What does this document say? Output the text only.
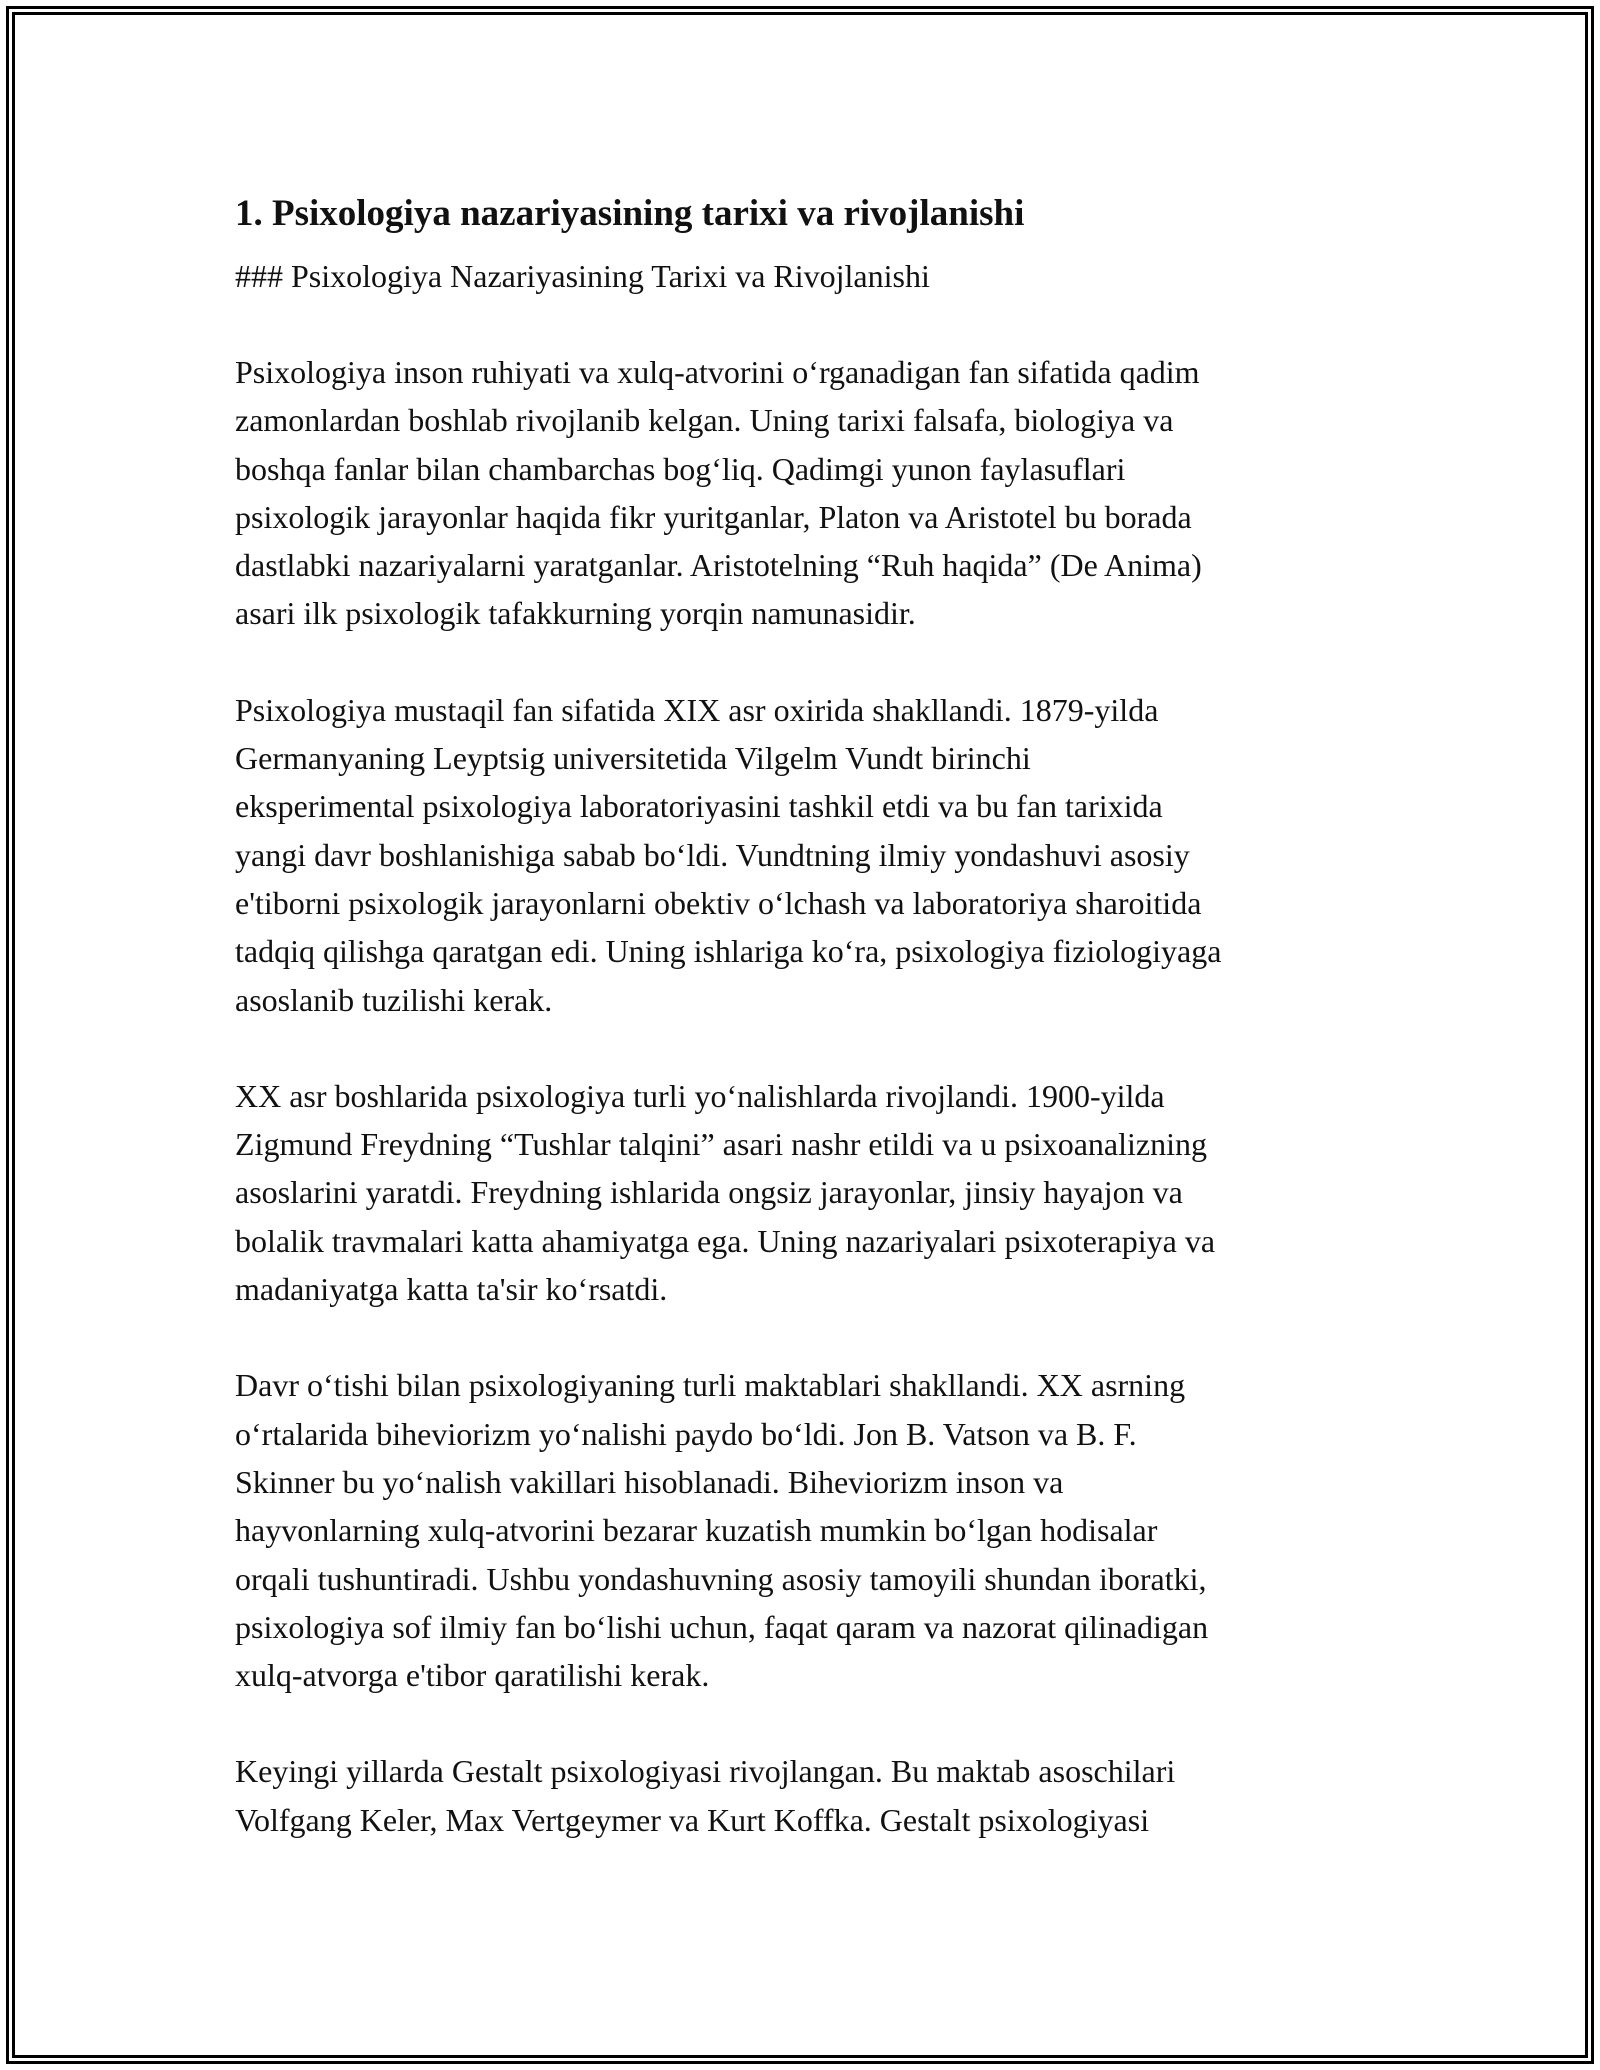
1. Psixologiya nazariyasining tarixi va rivojlanishi

### Psixologiya Nazariyasining Tarixi va Rivojlanishi

Psixologiya inson ruhiyati va xulq-atvorini o‘rganadigan fan sifatida qadim
zamonlardan boshlab rivojlanib kelgan. Uning tarixi falsafa, biologiya va
boshqa fanlar bilan chambarchas bog‘liq. Qadimgi yunon faylasuflari
psixologik jarayonlar haqida fikr yuritganlar, Platon va Aristotel bu borada
dastlabki nazariyalarni yaratganlar. Aristotelning “Ruh haqida” (De Anima)
asari ilk psixologik tafakkurning yorqin namunasidir.

Psixologiya mustaqil fan sifatida XIX asr oxirida shakllandi. 1879-yilda
Germanyaning Leyptsig universitetida Vilgelm Vundt birinchi
eksperimental psixologiya laboratoriyasini tashkil etdi va bu fan tarixida
yangi davr boshlanishiga sabab bo‘ldi. Vundtning ilmiy yondashuvi asosiy
e'tiborni psixologik jarayonlarni obektiv o‘lchash va laboratoriya sharoitida
tadqiq qilishga qaratgan edi. Uning ishlariga ko‘ra, psixologiya fiziologiyaga
asoslanib tuzilishi kerak.

XX asr boshlarida psixologiya turli yo‘nalishlarda rivojlandi. 1900-yilda
Zigmund Freydning “Tushlar talqini” asari nashr etildi va u psixoanalizning
asoslarini yaratdi. Freydning ishlarida ongsiz jarayonlar, jinsiy hayajon va
bolalik travmalari katta ahamiyatga ega. Uning nazariyalari psixoterapiya va
madaniyatga katta ta'sir ko‘rsatdi.

Davr o‘tishi bilan psixologiyaning turli maktablari shakllandi. XX asrning
o‘rtalarida biheviorizm yo‘nalishi paydo bo‘ldi. Jon B. Vatson va B. F.
Skinner bu yo‘nalish vakillari hisoblanadi. Biheviorizm inson va
hayvonlarning xulq-atvorini bezarar kuzatish mumkin bo‘lgan hodisalar
orqali tushuntiradi. Ushbu yondashuvning asosiy tamoyili shundan iboratki,
psixologiya sof ilmiy fan bo‘lishi uchun, faqat qaram va nazorat qilinadigan
xulq-atvorga e'tibor qaratilishi kerak.

Keyingi yillarda Gestalt psixologiyasi rivojlangan. Bu maktab asoschilari
Volfgang Keler, Max Vertgeymer va Kurt Koffka. Gestalt psixologiyasi
